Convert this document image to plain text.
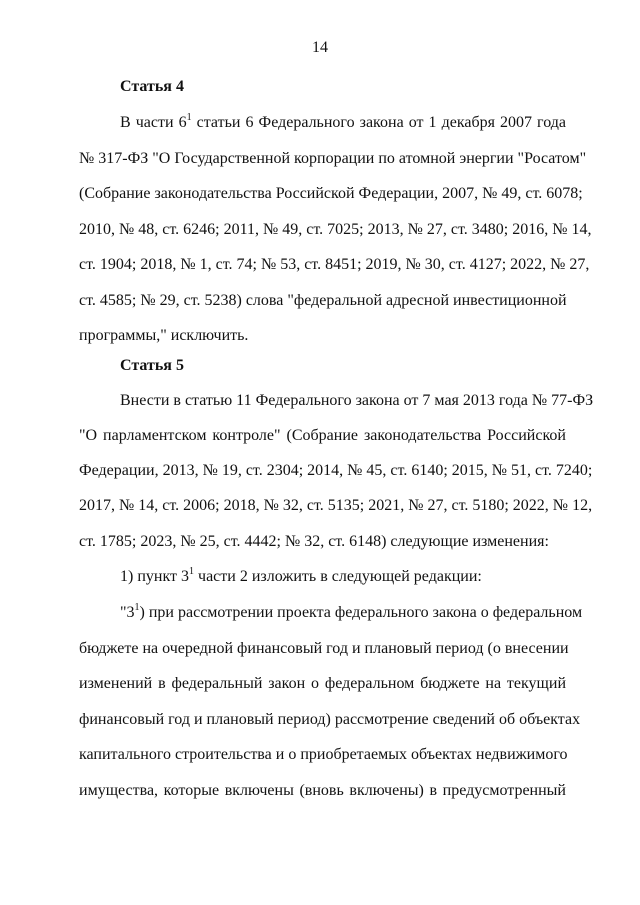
14
Статья 4
В части $6^1$ статьи 6 Федерального закона от 1 декабря 2007 года
№ 317-ФЗ "О Государственной корпорации по атомной энергии "Росатом"
(Собрание законодательства Российской Федерации, 2007, № 49, ст. 6078;
2010, № 48, ст. 6246; 2011, № 49, ст. 7025; 2013, № 27, ст. 3480; 2016, № 14,
ст. 1904; 2018, № 1, ст. 74; № 53, ст. 8451; 2019, № 30, ст. 4127; 2022, № 27,
ст. 4585; № 29, ст. 5238) слова "федеральной адресной инвестиционной
программы," исключить.
Статья 5
Внести в статью 11 Федерального закона от 7 мая 2013 года № 77-ФЗ
"О парламентском контроле" (Собрание законодательства Российской
Федерации, 2013, № 19, ст. 2304; 2014, № 45, ст. 6140; 2015, № 51, ст. 7240;
2017, № 14, ст. 2006; 2018, № 32, ст. 5135; 2021, № 27, ст. 5180; 2022, № 12,
ст. 1785; 2023, № 25, ст. 4442; № 32, ст. 6148) следующие изменения:
1) пункт $3^1$ части 2 изложить в следующей редакции:
"$3^1$) при рассмотрении проекта федерального закона о федеральном
бюджете на очередной финансовый год и плановый период (о внесении
изменений в федеральный закон о федеральном бюджете на текущий
финансовый год и плановый период) рассмотрение сведений об объектах
капитального строительства и о приобретаемых объектах недвижимого
имущества, которые включены (вновь включены) в предусмотренный
